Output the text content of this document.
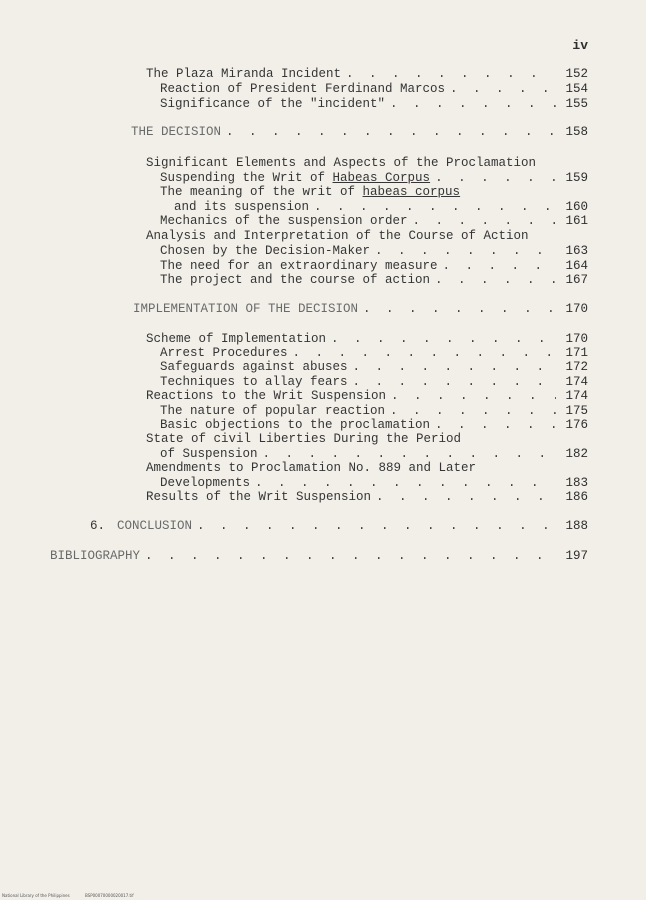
iv
The Plaza Miranda Incident . . .	152
Reaction of President Ferdinand Marcos . . .	154
Significance of the "incident" . . .	155
THE DECISION . . .	158
Significant Elements and Aspects of the Proclamation
Suspending the Writ of Habeas Corpus . . .	159
The meaning of the writ of habeas corpus
and its suspension . . .	160
Mechanics of the suspension order . . .	161
Analysis and Interpretation of the Course of Action
Chosen by the Decision-Maker . . .	163
The need for an extraordinary measure . . .	164
The project and the course of action . . .	167
IMPLEMENTATION OF THE DECISION . . .	170
Scheme of Implementation . . .	170
Arrest Procedures . . .	171
Safeguards against abuses . . .	172
Techniques to allay fears . . .	174
Reactions to the Writ Suspension . . .	174
The nature of popular reaction . . .	175
Basic objections to the proclamation . . .	176
State of civil Liberties During the Period
of Suspension . . .	182
Amendments to Proclamation No. 889 and Later
Developments . . .	183
Results of the Writ Suspension . . .	186
6. CONCLUSION . . .	188
BIBLIOGRAPHY . . .	197
National Library of the Philippines	BSP00070000020017.tif
